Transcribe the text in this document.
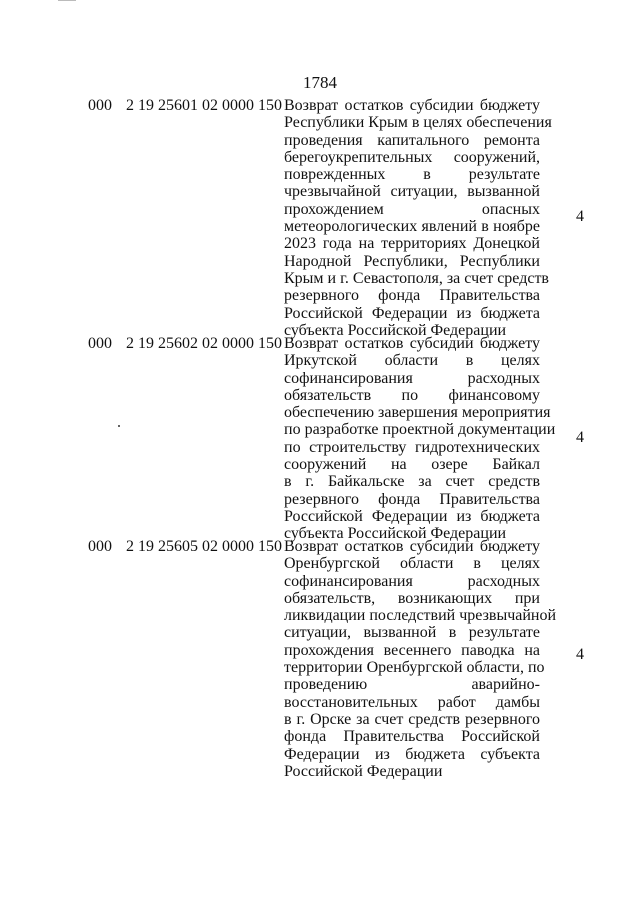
1784
000 2 19 25601 02 0000 150 Возврат остатков субсидии бюджету
Республики Крым в целях обеспечения
проведения капитального ремонта
берегоукрепительных сооружений,
поврежденных в результате
чрезвычайной ситуации, вызванной
прохождением опасных
метеорологических явлений в ноябре
2023 года на территориях Донецкой
Народной Республики, Республики
Крым и г. Севастополя, за счет средств
резервного фонда Правительства
Российской Федерации из бюджета
субъекта Российской Федерации
4
000 2 19 25602 02 0000 150 Возврат остатков субсидии бюджету
Иркутской области в целях
софинансирования расходных
обязательств по финансовому
обеспечению завершения мероприятия
по разработке проектной документации
по строительству гидротехнических
сооружений на озере Байкал
в г. Байкальске за счет средств
резервного фонда Правительства
Российской Федерации из бюджета
субъекта Российской Федерации
4
000 2 19 25605 02 0000 150 Возврат остатков субсидии бюджету
Оренбургской области в целях
софинансирования расходных
обязательств, возникающих при
ликвидации последствий чрезвычайной
ситуации, вызванной в результате
прохождения весеннего паводка на
территории Оренбургской области, по
проведению аварийно-
восстановительных работ дамбы
в г. Орске за счет средств резервного
фонда Правительства Российской
Федерации из бюджета субъекта
Российской Федерации
4
